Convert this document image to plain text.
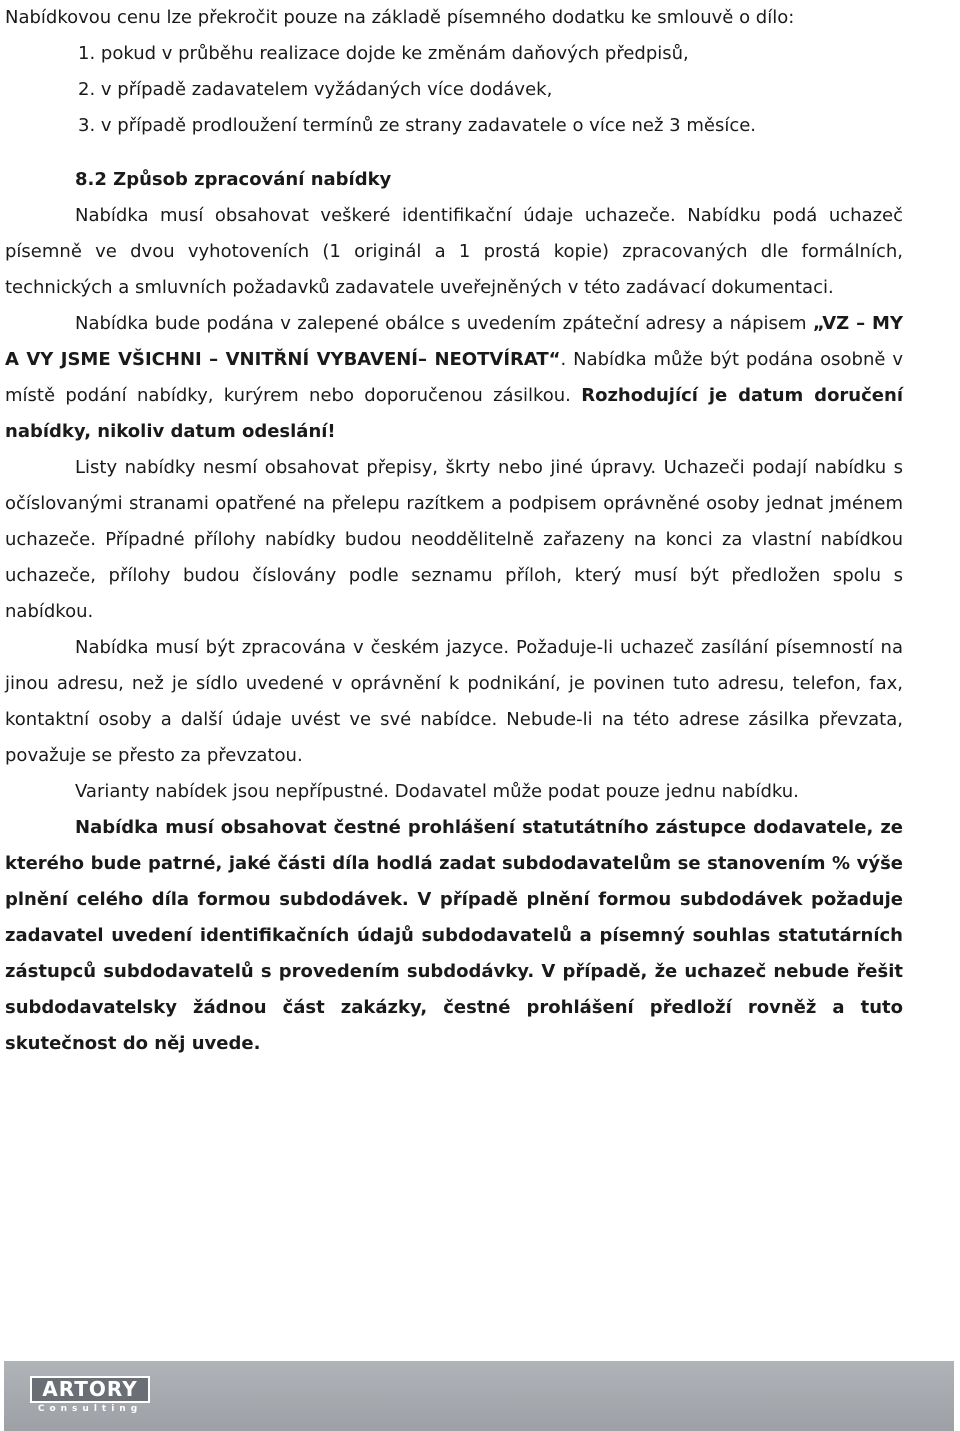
Nabídkovou cenu lze překročit pouze na základě písemného dodatku ke smlouvě o dílo:

1. pokud v průběhu realizace dojde ke změnám daňových předpisů,

2. v případě zadavatelem vyžádaných více dodávek,

3. v případě prodloužení termínů ze strany zadavatele o více než 3 měsíce.

8.2 Způsob zpracování nabídky

Nabídka musí obsahovat veškeré identifikační údaje uchazeče. Nabídku podá uchazeč písemně ve dvou vyhotoveních (1 originál a 1 prostá kopie) zpracovaných dle formálních, technických a smluvních požadavků zadavatele uveřejněných v této zadávací dokumentaci.

Nabídka bude podána v zalepené obálce s uvedením zpáteční adresy a nápisem „VZ – MY A VY JSME VŠICHNI – VNITŘNÍ VYBAVENÍ– NEOTVÍRAT“. Nabídka může být podána osobně v místě podání nabídky, kurýrem nebo doporučenou zásilkou. Rozhodující je datum doručení nabídky, nikoliv datum odeslání!

Listy nabídky nesmí obsahovat přepisy, škrty nebo jiné úpravy. Uchazeči podají nabídku s očíslovanými stranami opatřené na přelepu razítkem a podpisem oprávněné osoby jednat jménem uchazeče. Případné přílohy nabídky budou neoddělitelně zařazeny na konci za vlastní nabídkou uchazeče, přílohy budou číslovány podle seznamu příloh, který musí být předložen spolu s nabídkou.

Nabídka musí být zpracována v českém jazyce. Požaduje-li uchazeč zasílání písemností na jinou adresu, než je sídlo uvedené v oprávnění k podnikání, je povinen tuto adresu, telefon, fax, kontaktní osoby a další údaje uvést ve své nabídce. Nebude-li na této adrese zásilka převzata, považuje se přesto za převzatou.

Varianty nabídek jsou nepřípustné. Dodavatel může podat pouze jednu nabídku.

Nabídka musí obsahovat čestné prohlášení statutátního zástupce dodavatele, ze kterého bude patrné, jaké části díla hodlá zadat subdodavatelům se stanovením % výše plnění celého díla formou subdodávek. V případě plnění formou subdodávek požaduje zadavatel uvedení identifikačních údajů subdodavatelů a písemný souhlas statutárních zástupců subdodavatelů s provedením subdodávky. V případě, že uchazeč nebude řešit subdodavatelsky žádnou část zakázky, čestné prohlášení předloží rovněž a tuto skutečnost do něj uvede.

ARTORY
Consulting
